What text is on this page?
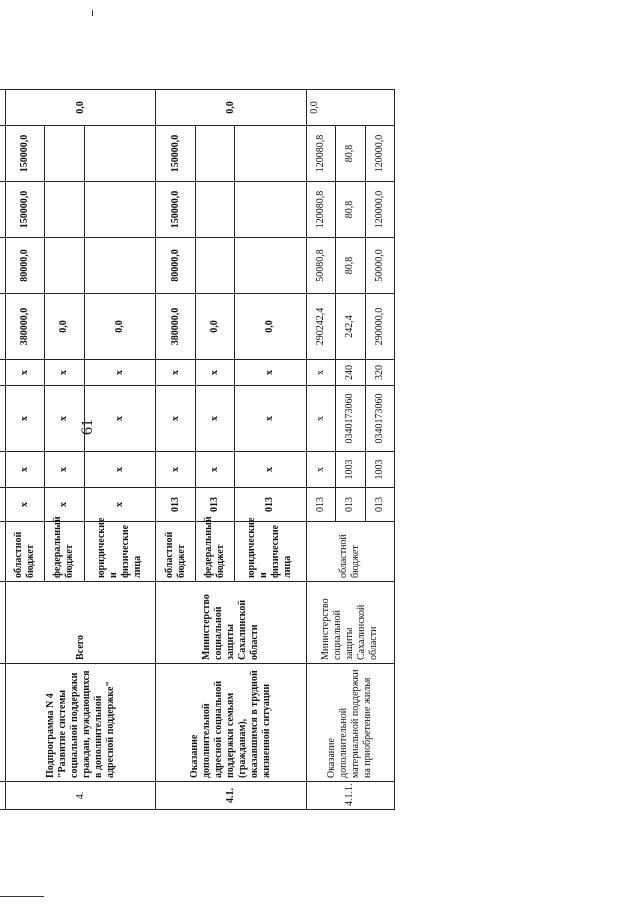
61

4.	Подпрограмма N 4 "Развитие системы социальной поддержки граждан, нуждающихся в дополнительной адресной поддержке"	Всего	областной бюджет	х	х	х	х	380000,0	80000,0	150000,0	150000,0	0,0
			федеральный бюджет	х	х	х	х	0,0				
			юридические и физические лица	х	х	х	х	0,0				
4.1.	Оказание дополнительной адресной социальной поддержки семьям (гражданам), оказавшимся в трудной жизненной ситуации	Министерство социальной защиты Сахалинской области	областной бюджет	013	х	х	х	380000,0	80000,0	150000,0	150000,0	0,0
			федеральный бюджет	013	х	х	х	0,0				
			юридические и физические лица	013	х	х	х	0,0				
4.1.1.	Оказание дополнительной материальной поддержки на приобретение жилья	Министерство социальной защиты Сахалинской области	областной бюджет	013	х	х	х	290242,4	50080,8	120080,8	120080,8	0,0
				013	1003	0340173060	240	242,4	80,8	80,8	80,8	
				013	1003	0340173060	320	290000,0	50000,0	120000,0	120000,0	
